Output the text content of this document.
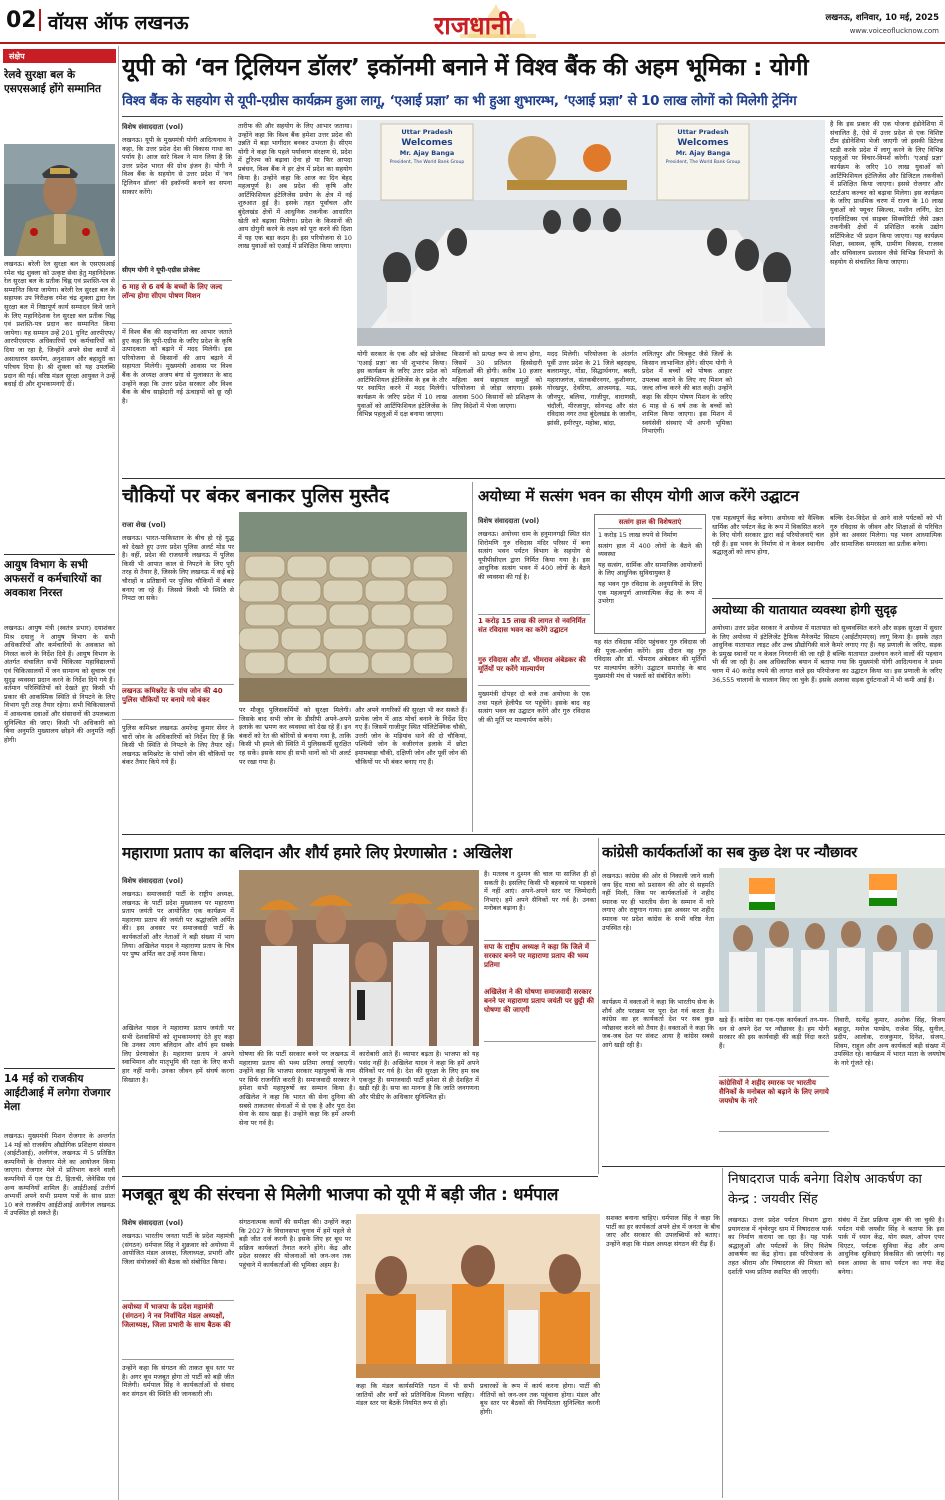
02 वॉयस ऑफ लखनऊ	राजधानी	लखनऊ, शनिवार, 10 मई, 2025
www.voiceoflucknow.com
संक्षेप
रेलवे सुरक्षा बल के एसएसआई होंगे सम्मानित
लखनऊ। बरेली रेल सुरक्षा बल के एसएसआई रमेश चंद्र शुक्ला को उत्कृष्ट सेवा हेतु महानिदेशक रेल सुरक्षा बल के प्रतीक चिह्न एवं प्रशस्ति-पत्र से सम्मानित किया जायेगा। बरेली रेल सुरक्षा बल के सहायक उप निरीक्षक रमेश चंद्र शुक्ला द्वारा रेल सुरक्षा बल में निष्ठापूर्ण कार्य सम्पादन किये जाने के लिए महानिदेशक रेल सुरक्षा बल प्रतीक चिह्न एवं प्रशस्ति-पत्र प्रदान कर सम्मानित किया जायेगा। यह सम्मान उन्हें 201 युनिट आरपीएफ/आरपीएसएफ अधिकारियों एवं कर्मचारियों को दिया जा रहा है, जिन्होंने अपने सेवा कार्यों में असाधारण समर्पण, अनुशासन और बहादुरी का परिचय दिया है। श्री शुक्ला को यह उपलब्धि प्रदान की गई। वरिष्ठ मंडल सुरक्षा आयुक्त ने उन्हें बधाई दी और शुभकामनाएँ दीं।
आयुष विभाग के सभी अफसरों व कर्मचारियों का अवकाश निरस्त
लखनऊ। आयुष मंत्री (स्वतंत्र प्रभार) दयाशंकर मिश्र दयालु ने आयुष विभाग के सभी अधिकारियों और कर्मचारियों के अवकाश को निरस्त करने के निर्देश दिये हैं। आयुष विभाग के अंतर्गत संचालित सभी चिकित्सा महाविद्यालयों एवं चिकित्सालयों में जन सामान्य को सुचारू एवं सुदृढ़ व्यवस्था प्रदान करने के निर्देश दिये गये हैं। वर्तमान परिस्थितियों को देखते हुए किसी भी प्रकार की आकस्मिक स्थिति से निपटने के लिए विभाग पूरी तरह तैयार रहेगा। सभी चिकित्सालयों में आवश्यक दवाओं और संसाधनों की उपलब्धता सुनिश्चित की जाए। किसी भी अधिकारी को बिना अनुमति मुख्यालय छोड़ने की अनुमति नहीं होगी।
14 मई को राजकीय आईटीआई में लगेगा रोजगार मेला
लखनऊ। मुख्यमंत्री मिशन रोजगार के अन्तर्गत 14 मई को राजकीय औद्योगिक प्रशिक्षण संस्थान (आईटीआई), अलीगंज, लखनऊ में 5 प्रतिष्ठित कम्पनियों के रोजगार मेले का आयोजन किया जाएगा। रोजगार मेले में प्रतिभाग करने वाली कम्पनियों में एल एंड टी, हिताची, जेनेसिस एवं अन्य कम्पनियाँ शामिल हैं। आईटीआई उत्तीर्ण अभ्यर्थी अपने सभी प्रमाण पत्रों के साथ प्रातः 10 बजे राजकीय आईटीआई अलीगंज लखनऊ में उपस्थित हो सकते हैं।
यूपी को ‘वन ट्रिलियन डॉलर’ इकॉनमी बनाने में विश्व बैंक की अहम भूमिका : योगी
विश्व बैंक के सहयोग से यूपी-एग्रीस कार्यक्रम हुआ लागू, ‘एआई प्रज्ञा’ का भी हुआ शुभारम्भ, ‘एआई प्रज्ञा’ से 10 लाख लोगों को मिलेगी ट्रेनिंग
विशेष संवाददाता (vol)
लखनऊ। यूपी के मुख्यमंत्री योगी आदित्यनाथ ने कहा, कि उत्तर प्रदेश देश की विकास गाथा का पर्याय है। आज सारे विश्व ने मान लिया है कि उत्तर प्रदेश भारत की ग्रोथ इंजन है। योगी ने विश्व बैंक के सहयोग से उत्तर प्रदेश में 'वन ट्रिलियन डॉलर' की इकॉनमी बनाने का सपना साकार करेंगे।
सीएम योगी ने यूपी-एग्रीस प्रोजेक्ट
6 माह से 6 वर्ष के बच्चों के लिए जल्द लॉन्च होगा सीएम पोषण मिशन
में विश्व बैंक की सहभागिता का आभार जताते हुए कहा कि यूपी-एग्रीस के जरिए प्रदेश के कृषि उत्पादकता को बढ़ाने में मदद मिलेगी। इस परियोजना से किसानों की आय बढ़ाने में सहायता मिलेगी। मुख्यमंत्री आवास पर विश्व बैंक के अध्यक्ष अजय बंगा से मुलाकात के बाद उन्होंने कहा कि उत्तर प्रदेश सरकार और विश्व बैंक के बीच साझेदारी नई ऊंचाइयों को छू रही है।
तारीफ की और सहयोग के लिए आभार जताया। उन्होंने कहा कि विश्व बैंक हमेशा उत्तर प्रदेश की उन्नति में बड़ा भागीदार बनकर उभरता है। सीएम योगी ने कहा कि पहले पर्यावरण संरक्षण से, प्रदेश में टूरिज्म को बढ़ावा देना हो या फिर आपदा प्रबंधन, विश्व बैंक ने हर क्षेत्र में प्रदेश का सहयोग किया है। उन्होंने कहा कि आज का दिन बेहद महत्वपूर्ण है। अब प्रदेश की कृषि और आर्टिफिशियल इंटेलिजेंस प्रयोग के क्षेत्र में नई शुरुआत हुई है। इसके तहत पूर्वांचल और बुंदेलखंड क्षेत्रों में आधुनिक तकनीक आधारित खेती को बढ़ावा मिलेगा। प्रदेश के किसानों की आय दोगुनी करने के लक्ष्य को पूरा करने की दिशा में यह एक बड़ा कदम है। इस परियोजना से 10 लाख युवाओं को एआई में प्रशिक्षित किया जाएगा।
Uttar Pradesh
Welcomes
Mr. Ajay Banga
President, The World Bank Group
Uttar Pradesh
Welcomes
Mr. Ajay Banga
President, The World Bank Group
योगी सरकार के एक और बड़े प्रोजेक्ट 'एआई प्रज्ञा' का भी शुभारंभ किया। इस कार्यक्रम के जरिए उत्तर प्रदेश को आर्टिफिशियल इंटेलिजेंस के हब के तौर पर स्थापित करने में मदद मिलेगी। कार्यक्रम के जरिए प्रदेश में 10 लाख युवाओं को आर्टिफिशियल इंटेलिजेंस के विभिन्न पहलुओं में दक्ष बनाया जाएगा।
किसानों को प्रत्यक्ष रूप से लाभ होगा, जिसमें 30 प्रतिशत हिस्सेदारी महिलाओं की होगी। करीब 10 हजार महिला स्वयं सहायता समूहों को परियोजना से जोड़ा जाएगा। इसके अलावा 500 किसानों को प्रशिक्षण के लिए विदेशों में भेजा जाएगा।
मदद मिलेगी। परियोजना के अंतर्गत पूर्वी उत्तर प्रदेश के 21 जिले बहराइच, बलरामपुर, गोंडा, सिद्धार्थनगर, बस्ती, महाराजगंज, संतकबीरनगर, कुशीनगर, गोरखपुर, देवरिया, आजमगढ़, मऊ, जौनपुर, बलिया, गाजीपुर, वाराणसी, चंदौली, मीरजापुर, सोनभद्र और संत रविदास नगर तथा बुंदेलखंड के जालौन, झांसी, हमीरपुर, महोबा, बांदा,
ललितपुर और चित्रकूट जैसे जिलों के किसान लाभान्वित होंगे। सीएम योगी ने प्रदेश में बच्चों को पोषक आहार उपलब्ध कराने के लिए नए मिशन को जल्द लॉन्च करने की बात कही। उन्होंने कहा कि सीएम पोषण मिशन के जरिए 6 माह से 6 वर्ष तक के बच्चों को शामिल किया जाएगा। इस मिशन में स्वयंसेवी संस्थाएं भी अपनी भूमिका निभाएंगी।
है कि इस प्रकार की एक योजना इंडोनेशिया में संचालित है, ऐसे में उत्तर प्रदेश से एक विशिष्ट टीम इंडोनेशिया भेजी जाएगी जो इसकी डिटेल्ड स्टडी करके प्रदेश में लागू करने के लिए विभिन्न पहलुओं पर विचार-विमर्श करेगी। 'एआई प्रज्ञा' कार्यक्रम के जरिए 10 लाख युवाओं को आर्टिफिशियल इंटेलिजेंस और डिजिटल तकनीकों में प्रशिक्षित किया जाएगा। इससे रोजगार और स्टार्टअप कल्चर को बढ़ावा मिलेगा। इस कार्यक्रम के जरिए प्राथमिक चरण में राज्य के 10 लाख युवाओं को फ्यूचर स्किल्स, मशीन लर्निंग, डेटा एनालिटिक्स एवं साइबर सिक्योरिटी जैसे उन्नत तकनीकी क्षेत्रों में प्रशिक्षित करके उद्योग सर्टिफिकेट भी प्रदान किया जाएगा। यह कार्यक्रम शिक्षा, स्वास्थ्य, कृषि, ग्रामीण विकास, राजस्व और सचिवालय प्रशासन जैसे विभिन्न विभागों के सहयोग से संचालित किया जाएगा।
चौकियों पर बंकर बनाकर पुलिस मुस्तैद
राजा शेख (vol)
लखनऊ। भारत-पाकिस्तान के बीच हो रहे युद्ध को देखते हुए उत्तर प्रदेश पुलिस अलर्ट मोड पर है। वहीं, प्रदेश की राजधानी लखनऊ में पुलिस किसी भी आपात काल से निपटने के लिए पूरी तरह से तैयार है, जिसके लिए लखनऊ में कई बड़े चौराहों व प्रतिष्ठानों पर पुलिस चौकियों में बंकर बनाए जा रहे हैं। जिससे किसी भी स्थिति से निपटा जा सके।
लखनऊ कमिश्नरेट के पांच जोन की 40 पुलिस चौकियों पर बनाये गये बंकर
पुलिस कमिश्नर लखनऊ अमरेन्द्र कुमार सेंगर ने चारों जोन के अधिकारियों को निर्देश दिए हैं कि किसी भी स्थिति से निपटने के लिए तैयार रहें। लखनऊ कमिश्नरेट के पांचों जोन की चौकियों पर बंकर तैयार किये गये हैं।
पर मौजूद पुलिसकर्मियों को सुरक्षा मिलेगी। जिसके बाद सभी जोन के डीसीपी अपने-अपने इलाके का भ्रमण कर व्यवस्था को देख रहे हैं। इन बंकरों को रेत की बोरियों से बनाया गया है, ताकि किसी भी हमले की स्थिति में पुलिसकर्मी सुरक्षित रह सकें। इसके साथ ही सभी थानों को भी अलर्ट पर रखा गया है।
और अपने नागरिकों की सुरक्षा भी कर सकते हैं। प्रत्येक जोन में आठ मोर्चा बनाने के निर्देश दिए गए हैं। जिसमें गाजीपुर स्थित पॉलिटेक्निक चौकी, उत्तरी जोन के मड़ियांव थाने की दो चौकियां, पश्चिमी जोन के वजीरगंज इलाके में छोटा इमामबाड़ा चौकी, दक्षिणी जोन और पूर्वी जोन की चौकियों पर भी बंकर बनाए गए हैं।
अयोध्या में सत्संग भवन का सीएम योगी आज करेंगे उद्घाटन
विशेष संवाददाता (vol)
लखनऊ। अयोध्या धाम के हनुमानगढ़ी स्थित संत शिरोमणि गुरु रविदास मंदिर परिसर में बना सत्संग भवन पर्यटन विभाग के सहयोग से यूपीपीसीएल द्वारा निर्मित किया गया है। इस आधुनिक सत्संग भवन में 400 लोगों के बैठने की व्यवस्था की गई है।
1 करोड़ 15 लाख की लागत से नवनिर्मित संत रविदास भवन का करेंगे उद्घाटन
गुरु रविदास और डॉ. भीमराव अंबेडकर की मूर्तियों पर करेंगे माल्यार्पण
मुख्यमंत्री दोपहर दो बजे तक अयोध्या के एक तथा पहले हेलीपैड पर पहुंचेंगे। इसके बाद वह सत्संग भवन का उद्घाटन करेंगे और गुरु रविदास जी की मूर्ति पर माल्यार्पण करेंगे।
सत्संग हाल की विशेषताएं
1 करोड़ 15 लाख रुपये से निर्माण
सत्संग हाल में 400 लोगों के बैठने की व्यवस्था
यह सत्संग, धार्मिक और सामाजिक आयोजनों के लिए आधुनिक सुविधायुक्त है
यह भवन गुरु रविदास के अनुयायियों के लिए एक महत्वपूर्ण आध्यात्मिक केंद्र के रूप में उभरेगा
यह संत रविदास मंदिर पहुंचकर गुरु रविदास जी की पूजा-अर्चना करेंगे। इस दौरान वह गुरु रविदास और डॉ. भीमराव अंबेडकर की मूर्तियों पर माल्यार्पण करेंगे। उद्घाटन समारोह के बाद मुख्यमंत्री मंच से भक्तों को संबोधित करेंगे।
एक महत्वपूर्ण केंद्र बनेगा। अयोध्या को वैश्विक धार्मिक और पर्यटन केंद्र के रूप में विकसित करने के लिए योगी सरकार द्वारा कई परियोजनाएँ चल रही हैं। इस भवन के निर्माण से न केवल स्थानीय श्रद्धालुओं को लाभ होगा,
बल्कि देश-विदेश से आने वाले पर्यटकों को भी गुरु रविदास के जीवन और शिक्षाओं से परिचित होने का अवसर मिलेगा। यह भवन आध्यात्मिक और सामाजिक समरसता का प्रतीक बनेगा।
अयोध्या की यातायात व्यवस्था होगी सुदृढ़
अयोध्या। उत्तर प्रदेश सरकार ने अयोध्या में यातायात को सुव्यवस्थित करने और सड़क सुरक्षा में सुधार के लिए अयोध्या में इंटेलिजेंट ट्रैफिक मैनेजमेंट सिस्टम (आईटीएमएस) लागू किया है। इसके तहत आधुनिक यातायात लाइट और उच्च प्रौद्योगिकी वाले कैमरे लगाए गए हैं। यह प्रणाली के जरिए, सड़क के प्रमुख स्थानों पर न केवल निगरानी की जा रही है बल्कि यातायात उल्लंघन करने वालों की पहचान भी की जा रही है। अब अधिकारिक बयान में बताया गया कि मुख्यमंत्री योगी आदित्यनाथ ने प्रथम चरण में 40 करोड़ रुपये की लागत वाले इस परियोजना का उद्घाटन किया था। इस प्रणाली के जरिए 36,555 चालानों के चालान किए जा चुके हैं। इसके अलावा सड़क दुर्घटनाओं में भी कमी आई है।
महाराणा प्रताप का बलिदान और शौर्य हमारे लिए प्रेरणास्रोत : अखिलेश
विशेष संवाददाता (vol)
लखनऊ। समाजवादी पार्टी के राष्ट्रीय अध्यक्ष, लखनऊ के पार्टी प्रदेश मुख्यालय पर महाराणा प्रताप जयंती पर आयोजित एक कार्यक्रम में महाराणा प्रताप की जयंती पर श्रद्धांजलि अर्पित की। इस अवसर पर समाजवादी पार्टी के कार्यकर्ताओं और नेताओं ने बड़ी संख्या में भाग लिया। अखिलेश यादव ने महाराणा प्रताप के चित्र पर पुष्प अर्पित कर उन्हें नमन किया।
अखिलेश यादव ने महाराणा प्रताप जयंती पर सभी देशवासियों को शुभकामनाएं देते हुए कहा कि उनका त्याग बलिदान और शौर्य हम सबके लिए प्रेरणास्रोत है। महाराणा प्रताप ने अपने स्वाभिमान और मातृभूमि की रक्षा के लिए कभी हार नहीं मानी। उनका जीवन हमें संघर्ष करना सिखाता है।
घोषणा की कि पार्टी सरकार बनने पर लखनऊ में महाराणा प्रताप की भव्य प्रतिमा लगाई जाएगी। उन्होंने कहा कि भाजपा सरकार महापुरुषों के नाम पर सिर्फ राजनीति करती है। समाजवादी सरकार ने हमेशा सभी महापुरुषों का सम्मान किया है। अखिलेश ने कहा कि भारत की सेना दुनिया की सबसे ताकतवर सेनाओं में से एक है और पूरा देश सेना के साथ खड़ा है। उन्होंने कहा कि हमें अपनी सेना पर गर्व है।
कारोबारी आते हैं। व्यापार बढ़ता है। भाजपा को यह पसंद नहीं है। अखिलेश यादव ने कहा कि हमें अपने सैनिकों पर गर्व है। देश की सुरक्षा के लिए हम सब एकजुट हैं। समाजवादी पार्टी हमेशा से ही देशहित में खड़ी रही है। सपा का मानना है कि जाति जनगणना और पीडीए के अधिकार सुनिश्चित हों।
है। मतलब न दुश्मन की चाल या साजिश ही हो सकती है। इसलिए किसी भी बहकावे या भड़कावे में नहीं आएं। अपने-अपने स्तर पर जिम्मेदारी निभाएं। हमें अपने सैनिकों पर गर्व है। उनका मनोबल बढ़ाना है।
सपा के राष्ट्रीय अध्यक्ष ने कहा कि जिले में सरकार बनने पर महाराणा प्रताप की भव्य प्रतिमा
अखिलेश ने की घोषणा समाजवादी सरकार बनने पर महाराणा प्रताप जयंती पर छुट्टी की घोषणा की जाएगी
कांग्रेसी कार्यकर्ताओं का सब कुछ देश पर न्यौछावर
लखनऊ। कांग्रेस की ओर से निकाली जाने वाली जय हिंद यात्रा को प्रशासन की ओर से सहमति नहीं मिली, जिस पर कार्यकर्ताओं ने शहीद स्मारक पर ही भारतीय सेना के सम्मान में नारे लगाए और राष्ट्रगान गाया। इस अवसर पर शहीद स्मारक पर प्रदेश कांग्रेस के सभी वरिष्ठ नेता उपस्थित रहे।
कार्यक्रम में वक्ताओं ने कहा कि भारतीय सेना के शौर्य और पराक्रम पर पूरा देश गर्व करता है। कांग्रेस का हर कार्यकर्ता देश पर सब कुछ न्यौछावर करने को तैयार है। वक्ताओं ने कहा कि जब-जब देश पर संकट आया है कांग्रेस सबसे आगे खड़ी रही है।
खड़े हैं। कांग्रेस का एक-एक कार्यकर्ता तन-मन-धन से अपने देश पर न्यौछावर है। हम योगी सरकार की इस कार्यवाही की कड़ी निंदा करते हैं।
कांग्रेसियों ने शहीद स्मारक पर भारतीय सैनिकों के मनोबल को बढ़ाने के लिए लगाये जयघोष के नारे
तिवारी, सत्येंद्र कुमार, अशोक सिंह, विजय बहादुर, मनोज पाण्डेय, राजेश सिंह, सुनील, प्रदीप, आलोक, राजकुमार, दिनेश, संजय, शिवम, राहुल और अन्य कार्यकर्ता बड़ी संख्या में उपस्थित रहे। कार्यक्रम में भारत माता के जयघोष के नारे गूंजते रहे।
निषादराज पार्क बनेगा विशेष आकर्षण का केन्द्र : जयवीर सिंह
लखनऊ। उत्तर प्रदेश पर्यटन विभाग द्वारा प्रयागराज में शृंग्वेरपुर धाम में निषादराज पार्क का निर्माण कराया जा रहा है। यह पार्क श्रद्धालुओं और पर्यटकों के लिए विशेष आकर्षण का केंद्र होगा। इस परियोजना के तहत श्रीराम और निषादराज की मित्रता को दर्शाती भव्य प्रतिमा स्थापित की जाएगी।
संबंध में टेंडर प्रक्रिया शुरू की जा चुकी है। पर्यटन मंत्री जयवीर सिंह ने बताया कि इस पार्क में ध्यान केंद्र, योग स्थल, ओपन एयर थिएटर, पर्यटक सुविधा केंद्र और अन्य आधुनिक सुविधाएं विकसित की जाएंगी। यह स्थल आस्था के साथ पर्यटन का नया केंद्र बनेगा।
मजबूत बूथ की संरचना से मिलेगी भाजपा को यूपी में बड़ी जीत : धर्मपाल
विशेष संवाददाता (vol)
लखनऊ। भारतीय जनता पार्टी के प्रदेश महामंत्री (संगठन) धर्मपाल सिंह ने शुक्रवार को अयोध्या में आयोजित मंडल अध्यक्ष, जिलाध्यक्ष, प्रभारी और जिला संयोजकों की बैठक को संबोधित किया।
अयोध्या में भाजपा के प्रदेश महामंत्री (संगठन) ने नव निर्वाचित मंडल अध्यक्षों, जिलाध्यक्ष, जिला प्रभारी के साथ बैठक की
उन्होंने कहा कि संगठन की ताकत बूथ स्तर पर है। अगर बूथ मजबूत होगा तो पार्टी को बड़ी जीत मिलेगी। धर्मपाल सिंह ने कार्यकर्ताओं से संवाद कर संगठन की स्थिति की जानकारी ली।
संगठनात्मक कार्यों की समीक्षा की। उन्होंने कहा कि 2027 के विधानसभा चुनाव में हमें पहले से बड़ी जीत दर्ज करनी है। इसके लिए हर बूथ पर सक्रिय कार्यकर्ता तैनात करने होंगे। केंद्र और प्रदेश सरकार की योजनाओं को जन-जन तक पहुंचाने में कार्यकर्ताओं की भूमिका अहम है।
कहा कि मंडल कार्यसमिति गठन में भी सभी जातियों और वर्गों को प्रतिनिधित्व मिलना चाहिए। मंडल स्तर पर बैठकें नियमित रूप से हों।
प्रचारकों के रूप में कार्य करना होगा। पार्टी की नीतियों को जन-जन तक पहुंचाना होगा। मंडल और बूथ स्तर पर बैठकों की नियमितता सुनिश्चित करनी होगी।
सशक्त बनाना चाहिए। धर्मपाल सिंह ने कहा कि पार्टी का हर कार्यकर्ता अपने क्षेत्र में जनता के बीच जाए और सरकार की उपलब्धियों को बताए। उन्होंने कहा कि मंडल अध्यक्ष संगठन की रीढ़ हैं।
